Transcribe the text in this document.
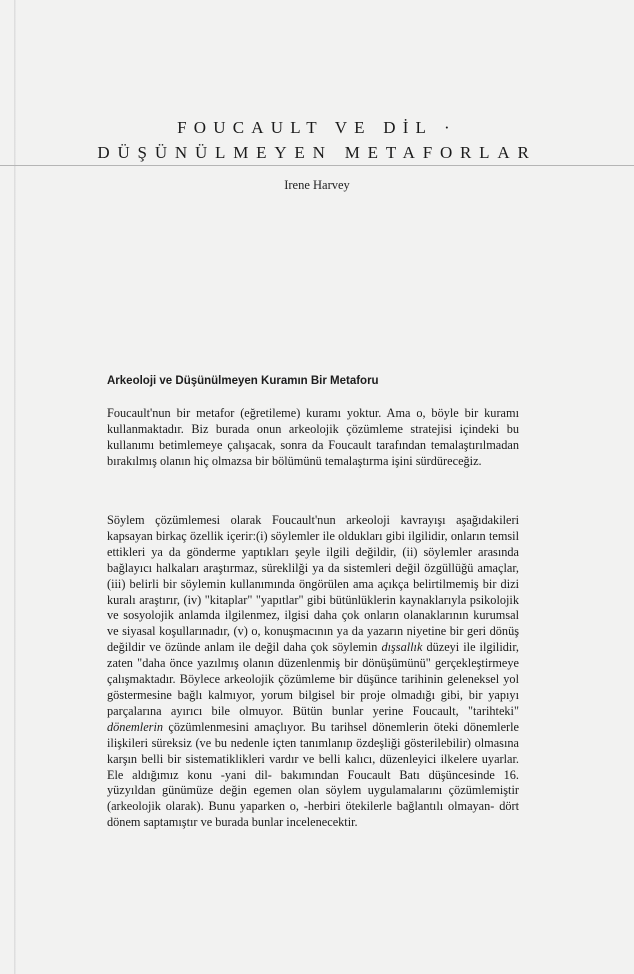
FOUCAULT VE DİL ·
DÜŞÜNÜLMEYEN METAFORLAR
Irene Harvey
Arkeoloji ve Düşünülmeyen Kuramın Bir Metaforu

Foucault'nun bir metafor (eğretileme) kuramı yoktur. Ama o, böyle bir kuramı kullanmaktadır. Biz burada onun arkeolojik çözümleme stratejisi içindeki bu kullanımı betimlemeye çalışacak, sonra da Foucault tarafından temalaştırılmadan bırakılmış olanın hiç olmazsa bir bölümünü temalaştırma işini sürdüreceğiz.

Söylem çözümlemesi olarak Foucault'nun arkeoloji kavrayışı aşağıdakileri kapsayan birkaç özellik içerir:(i) söylemler ile oldukları gibi ilgilidir, onların temsil ettikleri ya da gönderme yaptıkları şeyle ilgili değildir, (ii) söylemler arasında bağlayıcı halkaları araştırmaz, süreklilği ya da sistemleri değil özgüllüğü amaçlar, (iii) belirli bir söylemin kullanımında öngörülen ama açıkça belirtilmemiş bir dizi kuralı araştırır, (iv) "kitaplar" "yapıtlar" gibi bütünlüklerin kaynaklarıyla psikolojik ve sosyolojik anlamda ilgilenmez, ilgisi daha çok onların olanaklarının kurumsal ve siyasal koşullarınadır, (v) o, konuşmacının ya da yazarın niyetine bir geri dönüş değildir ve özünde anlam ile değil daha çok söylemin dışsallık düzeyi ile ilgilidir, zaten "daha önce yazılmış olanın düzenlenmiş bir dönüşümünü" gerçekleştirmeye çalışmaktadır. Böylece arkeolojik çözümleme bir düşünce tarihinin geleneksel yol göstermesine bağlı kalmıyor, yorum bilgisel bir proje olmadığı gibi, bir yapıyı parçalarına ayırıcı bile olmuyor. Bütün bunlar yerine Foucault, "tarihteki" dönemlerin çözümlenmesini amaçlıyor. Bu tarihsel dönemlerin öteki dönemlerle ilişkileri süreksiz (ve bu nedenle içten tanımlanıp özdeşliği gösterilebilir) olmasına karşın belli bir sistematiklikleri vardır ve belli kalıcı, düzenleyici ilkelere uyarlar. Ele aldığımız konu -yani dil- bakımından Foucault Batı düşüncesinde 16. yüzyıldan günümüze değin egemen olan söylem uygulamalarını çözümlemiştir (arkeolojik olarak). Bunu yaparken o, -herbiri ötekilerle bağlantılı olmayan- dört dönem saptamıştır ve burada bunlar incelenecektir.
